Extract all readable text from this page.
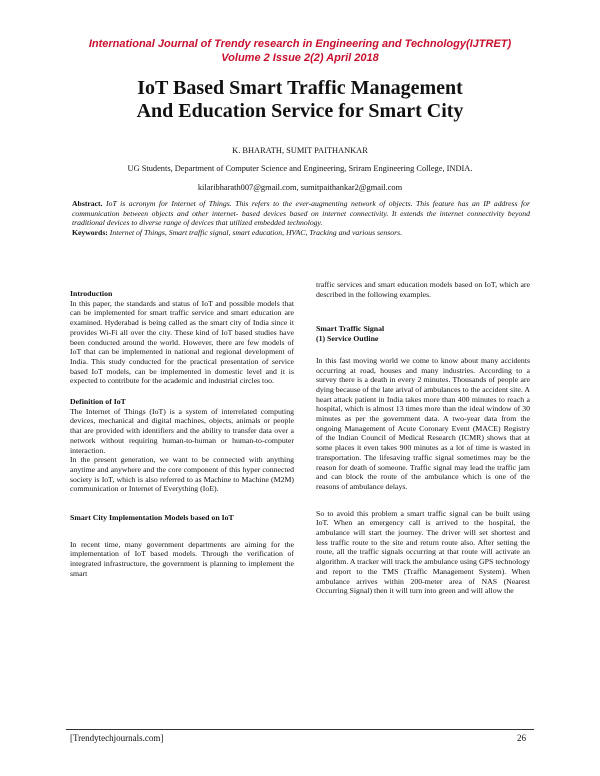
International Journal of Trendy research in Engineering and Technology(IJTRET)
Volume 2 Issue 2(2) April 2018
IoT Based Smart Traffic Management
And Education Service for Smart City
K. BHARATH, SUMIT PAITHANKAR
UG Students, Department of Computer Science and Engineering, Sriram Engineering College, INDIA.
kilaribharath007@gmail.com, sumitpaithankar2@gmail.com
Abstract. IoT is acronym for Internet of Things. This refers to the ever-augmenting network of objects. This feature has an IP address for communication between objects and other internet- based devices based on internet connectivity. It extends the internet connectivity beyond traditional devices to diverse range of devices that utilized embedded technology.
Keywords: Internet of Things, Smart traffic signal, smart education, HVAC, Tracking and various sensors.

Introduction

In this paper, the standards and status of IoT and possible models that can be implemented for smart traffic service and smart education are examined. Hyderabad is being called as the smart city of India since it provides Wi-Fi all over the city. These kind of IoT based studies have been conducted around the world. However, there are few models of IoT that can be implemented in national and regional development of India. This study conducted for the practical presentation of service based IoT models, can be implemented in domestic level and it is expected to contribute for the academic and industrial circles too.

Definition of IoT

The Internet of Things (IoT) is a system of interrelated computing devices, mechanical and digital machines, objects, animals or people that are provided with identifiers and the ability to transfer data over a network without requiring human-to-human or human-to-computer interaction.

In the present generation, we want to be connected with anything anytime and anywhere and the core component of this hyper connected society is IoT, which is also referred to as Machine to Machine (M2M) communication or Internet of Everything (IoE).

Smart City Implementation Models based on IoT

In recent time, many government departments are aiming for the implementation of IoT based models. Through the verification of integrated infrastructure, the government is planning to implement the smart

traffic services and smart education models based on IoT, which are described in the following examples.

Smart Traffic Signal

(1) Service Outline

In this fast moving world we come to know about many accidents occurring at road, houses and many industries. According to a survey there is a death in every 2 minutes. Thousands of people are dying because of the late arival of ambulances to the accident site. A heart attack patient in India takes more than 400 minutes to reach a hospital, which is almost 13 times more than the ideal window of 30 minutes as per the government data. A two-year data from the ongoing Management of Acute Coronary Event (MACE) Registry of the Indian Council of Medical Research (ICMR) shows that at some places it even takes 900 minutes as a lot of time is wasted in transportation. The lifesaving traffic signal sometimes may be the reason for death of someone. Traffic signal may lead the traffic jam and can block the route of the ambulance which is one of the reasons of ambulance delays.

So to avoid this problem a smart traffic signal can be built using IoT. When an emergency call is arrived to the hospital, the ambulance will start the journey. The driver will set shortest and less traffic route to the site and return route also. After setting the route, all the traffic signals occurring at that route will activate an algorithm. A tracker will track the ambulance using GPS technology and report to the TMS (Traffic Management System). When ambulance arrives within 200-meter area of NAS (Nearest Occurring Signal) then it will turn into green and will allow the

[Trendytechjournals.com]	26
